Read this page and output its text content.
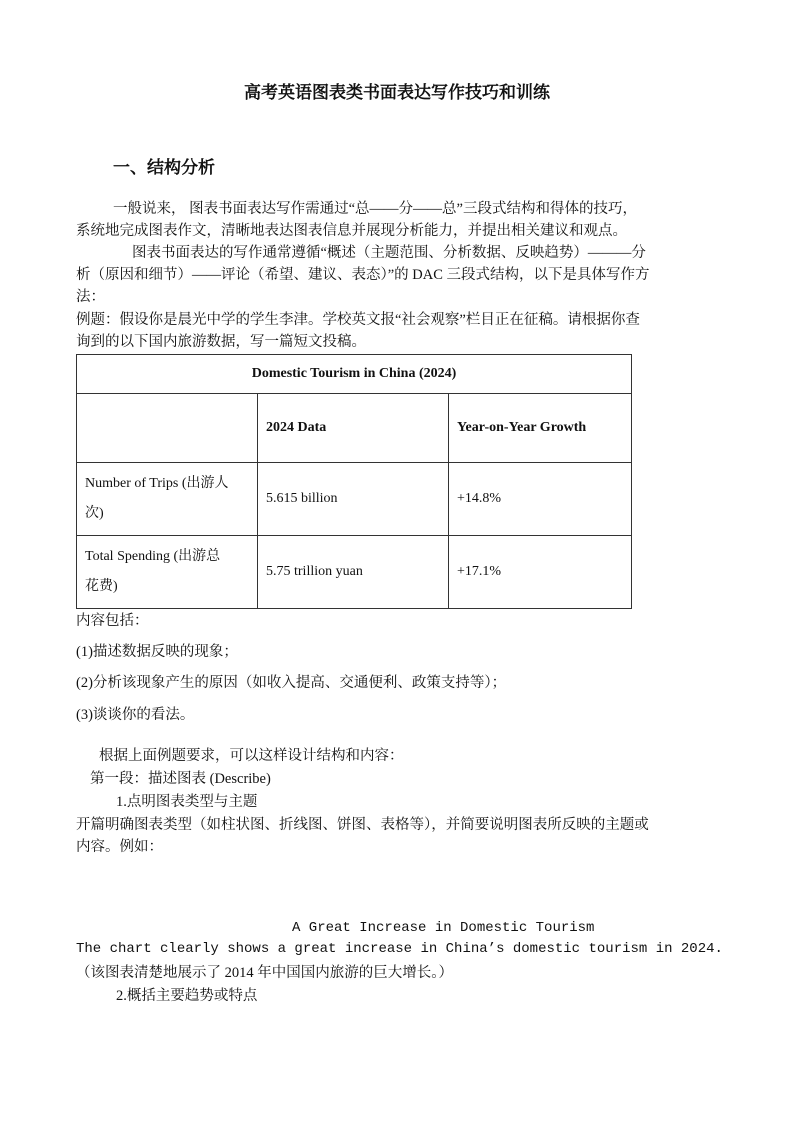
高考英语图表类书面表达写作技巧和训练
一、结构分析
一般说来， 图表书面表达写作需通过“总——分——总”三段式结构和得体的技巧，
系统地完成图表作文，清晰地表达图表信息并展现分析能力，并提出相关建议和观点。
图表书面表达的写作通常遵循“概述（主题范围、分析数据、反映趋势）———分
析（原因和细节）——评论（希望、建议、表态）”的 DAC 三段式结构，以下是具体写作方
法：
例题：假设你是晨光中学的学生李津。学校英文报“社会观察”栏目正在征稿。请根据你查
询到的以下国内旅游数据，写一篇短文投稿。
Domestic Tourism in China (2024)		
	2024 Data	Year-on-Year Growth
Number of Trips (出游人
次)	5.615 billion	+14.8%
Total Spending (出游总
花费)	5.75 trillion yuan	+17.1%
内容包括：
(1)描述数据反映的现象；
(2)分析该现象产生的原因（如收入提高、交通便利、政策支持等）；
(3)谈谈你的看法。
根据上面例题要求，可以这样设计结构和内容：
第一段：描述图表 (Describe)
1.点明图表类型与主题
开篇明确图表类型（如柱状图、折线图、饼图、表格等），并简要说明图表所反映的主题或
内容。例如：
A Great Increase in Domestic Tourism
The chart clearly shows a great increase in China’s domestic tourism in 2024.
（该图表清楚地展示了 2014 年中国国内旅游的巨大增长。）
2.概括主要趋势或特点
